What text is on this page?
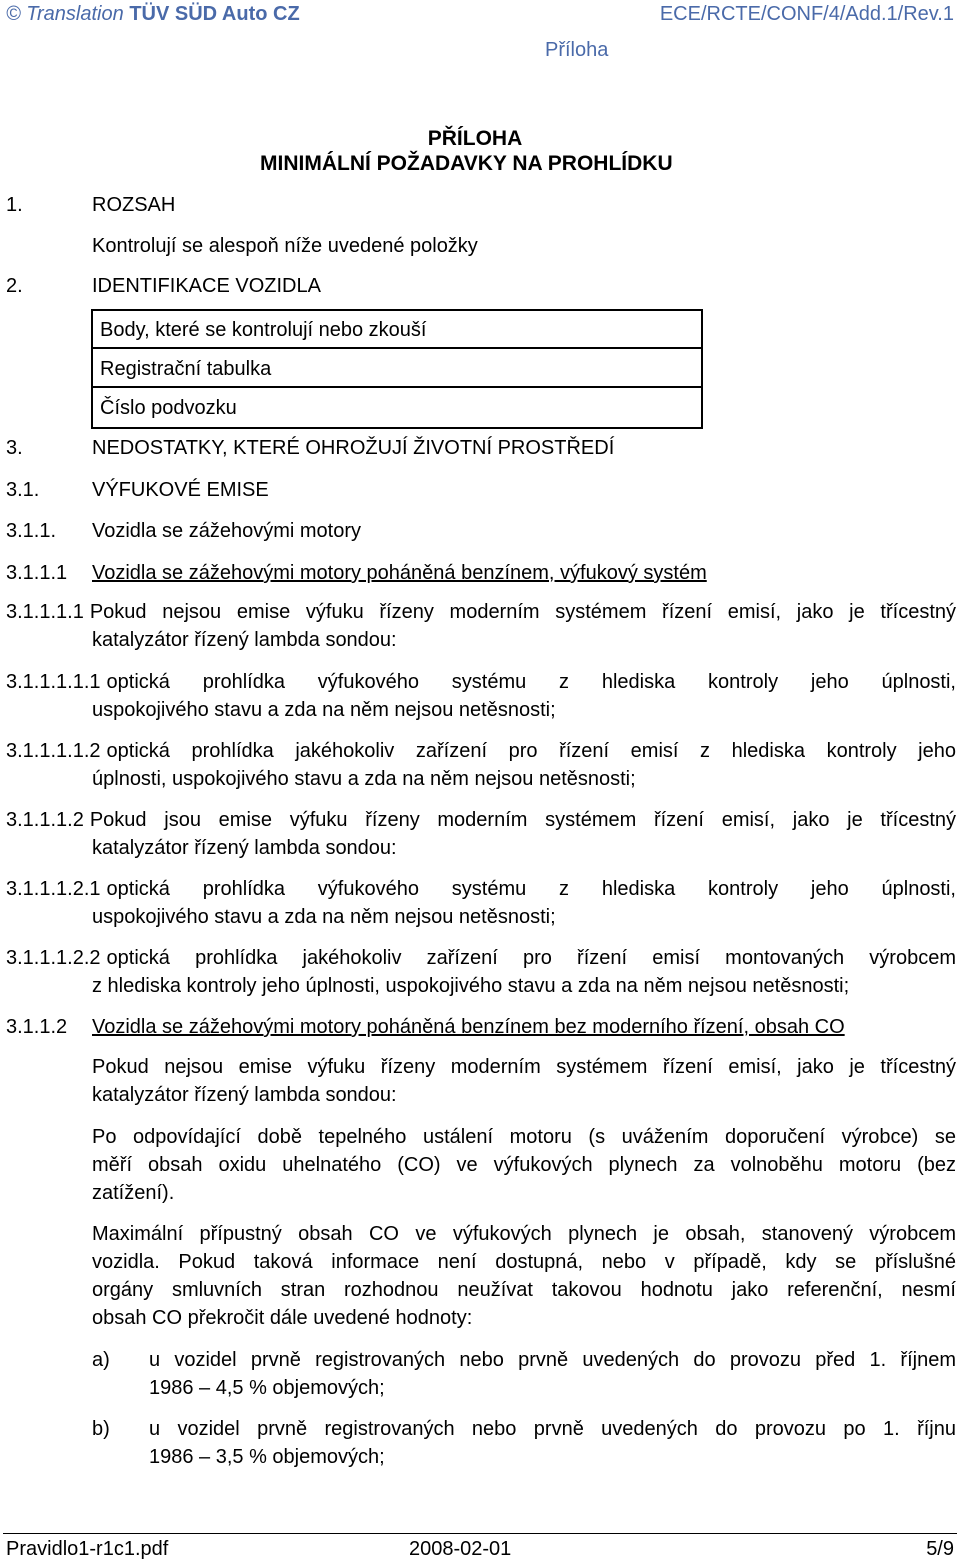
© Translation TÜV SÜD Auto CZ	ECE/RCTE/CONF/4/Add.1/Rev.1
Příloha
PŘÍLOHA
MINIMÁLNÍ POŽADAVKY NA PROHLÍDKU
1.	ROZSAH
Kontrolují se alespoň níže uvedené položky
2.	IDENTIFIKACE VOZIDLA
Body, které se kontrolují nebo zkouší
Registrační tabulka
Číslo podvozku
3.	NEDOSTATKY, KTERÉ OHROŽUJÍ ŽIVOTNÍ PROSTŘEDÍ
3.1.	VÝFUKOVÉ EMISE
3.1.1. Vozidla se zážehovými motory
3.1.1.1 Vozidla se zážehovými motory poháněná benzínem, výfukový systém
3.1.1.1.1 Pokud nejsou emise výfuku řízeny moderním systémem řízení emisí, jako je třícestný
katalyzátor řízený lambda sondou:
3.1.1.1.1.1 optická prohlídka výfukového systému z hlediska kontroly jeho úplnosti,
uspokojivého stavu a zda na něm nejsou netěsnosti;
3.1.1.1.1.2 optická prohlídka jakéhokoliv zařízení pro řízení emisí z hlediska kontroly jeho
úplnosti, uspokojivého stavu a zda na něm nejsou netěsnosti;
3.1.1.1.2 Pokud jsou emise výfuku řízeny moderním systémem řízení emisí, jako je třícestný
katalyzátor řízený lambda sondou:
3.1.1.1.2.1 optická prohlídka výfukového systému z hlediska kontroly jeho úplnosti,
uspokojivého stavu a zda na něm nejsou netěsnosti;
3.1.1.1.2.2 optická prohlídka jakéhokoliv zařízení pro řízení emisí montovaných výrobcem
z hlediska kontroly jeho úplnosti, uspokojivého stavu a zda na něm nejsou netěsnosti;
3.1.1.2 Vozidla se zážehovými motory poháněná benzínem bez moderního řízení, obsah CO
Pokud nejsou emise výfuku řízeny moderním systémem řízení emisí, jako je třícestný
katalyzátor řízený lambda sondou:
Po odpovídající době tepelného ustálení motoru (s uvážením doporučení výrobce) se
měří obsah oxidu uhelnatého (CO) ve výfukových plynech za volnoběhu motoru (bez
zatížení).
Maximální přípustný obsah CO ve výfukových plynech je obsah, stanovený výrobcem
vozidla. Pokud taková informace není dostupná, nebo v případě, kdy se příslušné
orgány smluvních stran rozhodnou neužívat takovou hodnotu jako referenční, nesmí
obsah CO překročit dále uvedené hodnoty:
a) u vozidel prvně registrovaných nebo prvně uvedených do provozu před 1. říjnem
1986 – 4,5 % objemových;
b) u vozidel prvně registrovaných nebo prvně uvedených do provozu po 1. říjnu
1986 – 3,5 % objemových;
Pravidlo1-r1c1.pdf	2008-02-01	5/9
